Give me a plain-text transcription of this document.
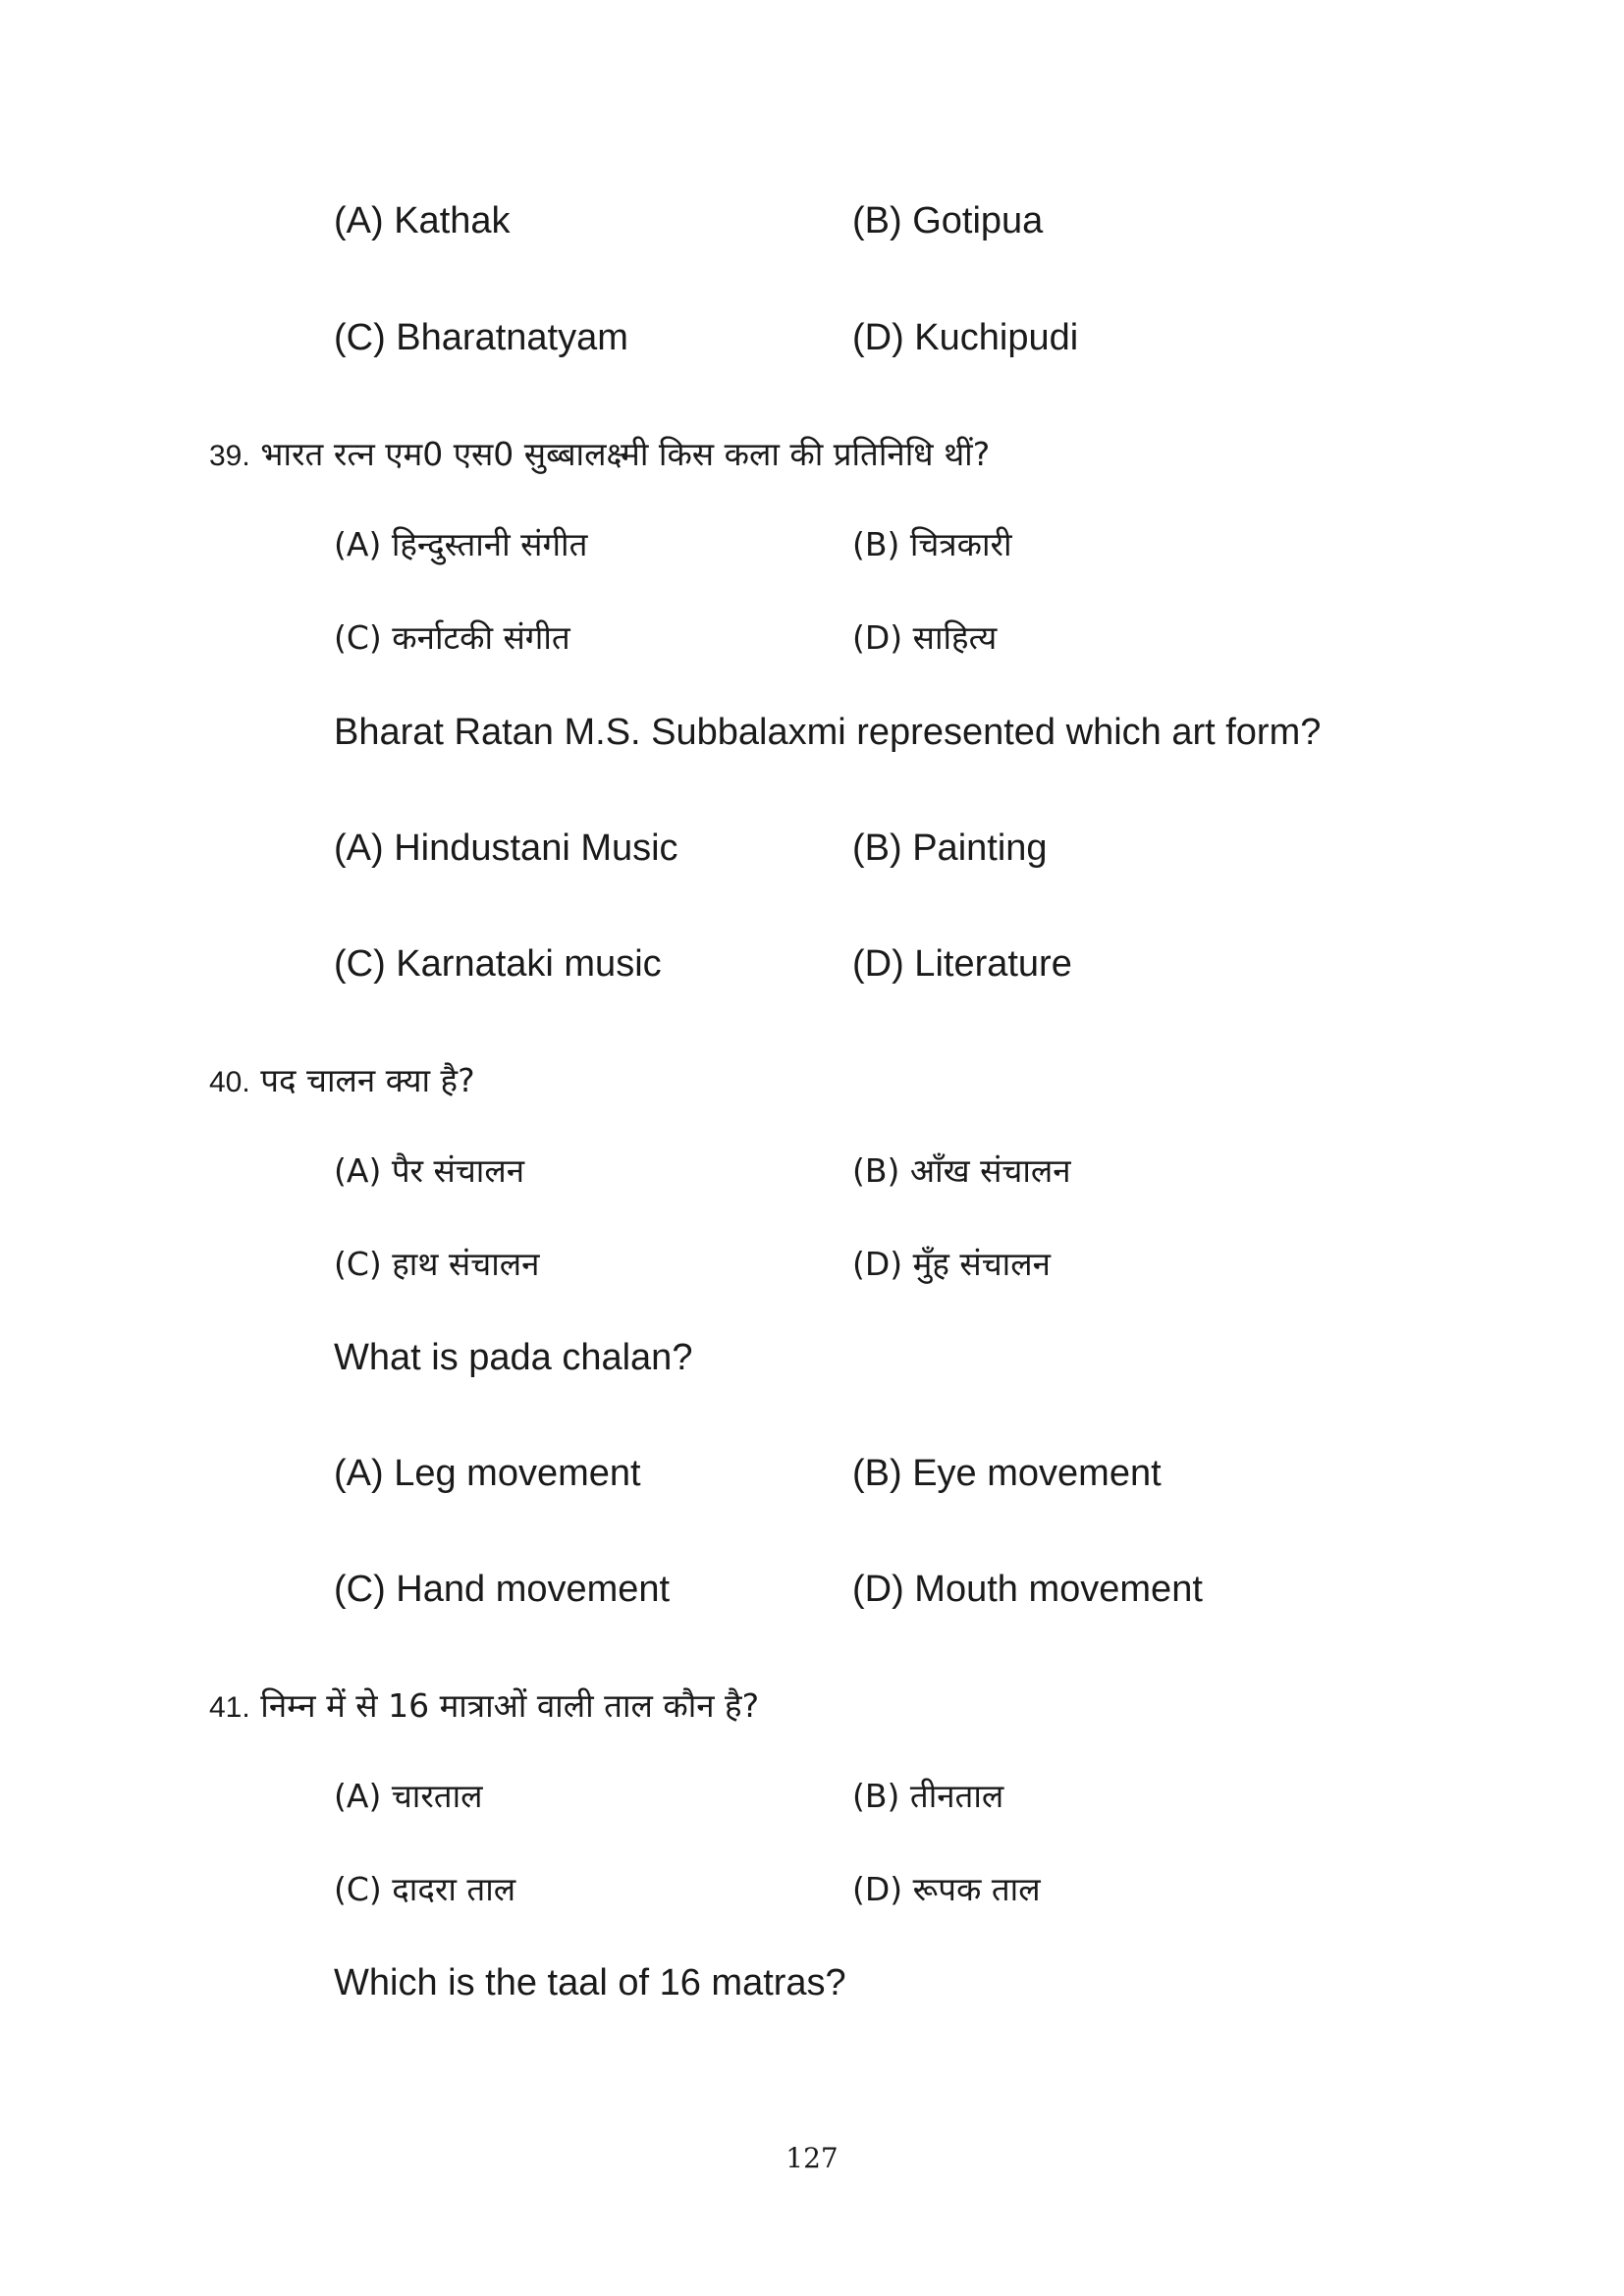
(A) Kathak	(B) Gotipua
(C) Bharatnatyam	(D) Kuchipudi
39. भारत रत्न एम0 एस0 सुब्बालक्ष्मी किस कला की प्रतिनिधि थीं?
(A) हिन्दुस्तानी संगीत	(B) चित्रकारी
(C) कर्नाटकी संगीत	(D) साहित्य
Bharat Ratan M.S. Subbalaxmi represented which art form?
(A) Hindustani Music	(B) Painting
(C) Karnataki music	(D) Literature
40. पद चालन क्या है?
(A) पैर संचालन	(B) आँख संचालन
(C) हाथ संचालन	(D) मुँह संचालन
What is pada chalan?
(A) Leg movement	(B) Eye movement
(C) Hand movement	(D) Mouth movement
41. निम्न में से 16 मात्राओं वाली ताल कौन है?
(A) चारताल	(B) तीनताल
(C) दादरा ताल	(D) रूपक ताल
Which is the taal of 16 matras?
127
